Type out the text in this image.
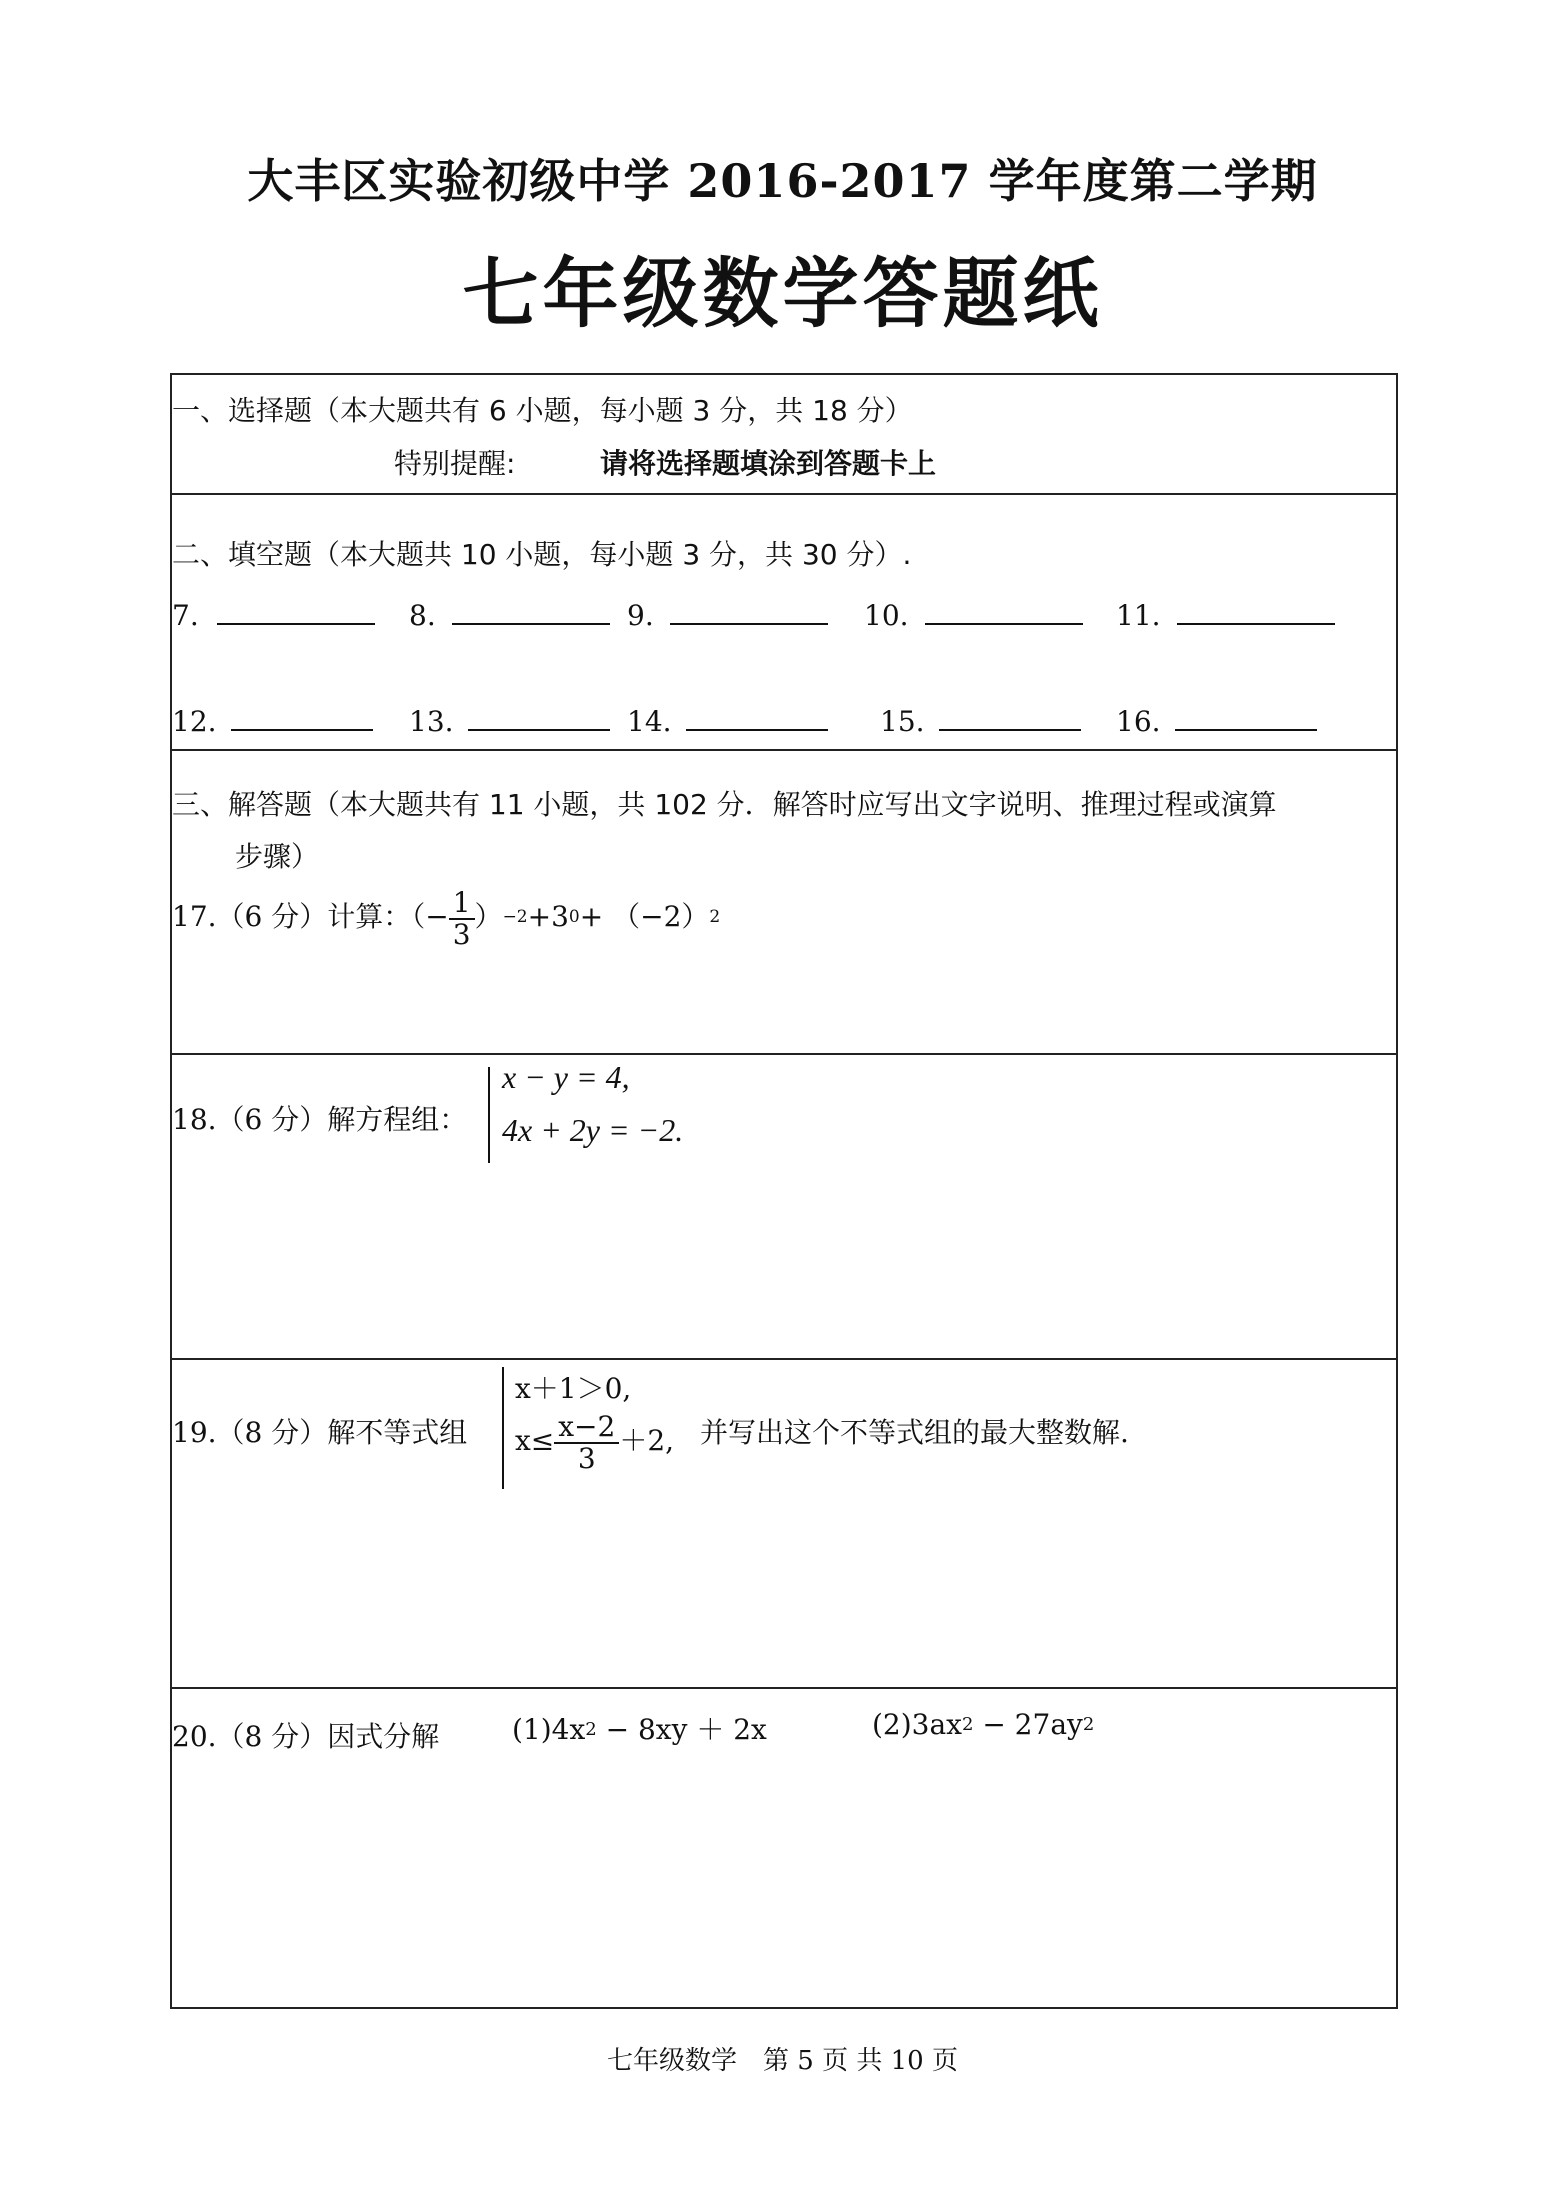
大丰区实验初级中学 2016-2017 学年度第二学期
七年级数学答题纸
一、选择题（本大题共有 6 小题，每小题 3 分，共 18 分）
特别提醒:	请将选择题填涂到答题卡上
二、填空题（本大题共 10 小题，每小题 3 分，共 30 分）.
7.	8.	9.	10.	11.
12.	13.	14.	15.	16.
三、解答题（本大题共有 11 小题，共 102 分．解答时应写出文字说明、推理过程或演算
步骤）
17.（6 分）计算：（− $\frac{1}{3} )^{-2}+3^0+ (-2)^2$
18.（6 分）解方程组：
x − y = 4,
4x + 2y = −2.
19.（8 分）解不等式组
x＋1＞0,
$x\le \frac{x-2}{3} +2$, 并写出这个不等式组的最大整数解.
20.（8 分）因式分解	$(1)4x^2 - 8xy + 2x$	$(2)3ax^2 - 27ay^2$
七年级数学　第 5 页 共 10 页
